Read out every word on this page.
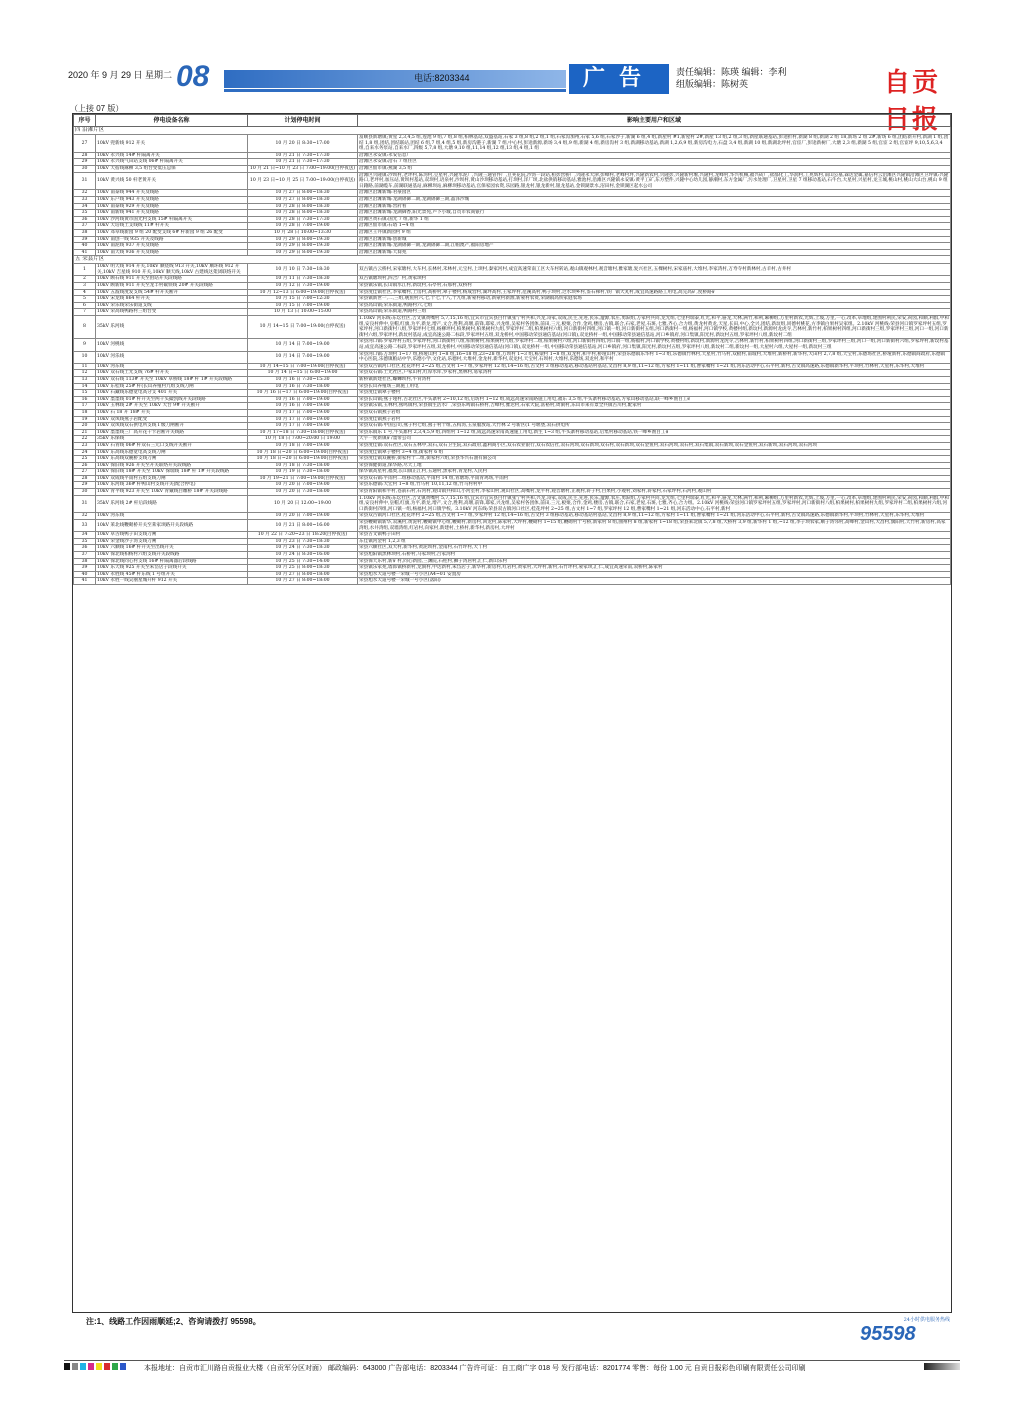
2020 年 9 月 29 日 星期二 08	电话:8203344	广告	责任编辑：陈瑛 编辑：李利
组版编辑：陈树英	自贡日报
（上接 07 版）
序号	停电设备名称	计划停电时间	影响主要用户和区域
四 沿滩片区			
27	10kV 兜新线 912 开关	10 月 20 日 8:30~17:00	富顺县新塘镇;黄星 2,3,4,5 组,莲池 9 组,7 组,8 组,柏林基站,双盛基站,石家 3 组,8 组,2 组,1 组,石家沟加州,石家 5,6 组,石家沙子,新湖 6 组,4 组,新屋村 #1,新屋村 2#,新屋 13 组,2 组,3 组,新屋联通基站,彭逵折村,新湖 8 组,新湖 2 组 18,新场 2 组 2#,新场 6 组,团结新开村,新湖 1 组,团结 1,8 组,团结,团结联站,团结 6 组,7 组,4 组,5 组,新房沟港子,新湖 7 组,中心村,彭逵新源,新场 3,4 组,9 组,新湖 4 组,新房沟村 3 组,新湖移动基站,新湖 1,2,6,9 组,新房沟电力,石盘 3,4 组,新湖 10 组,新湖北坪村,官宦厂,彭逵新树厂,大塘 2,3 组,新湖 5 组,官宦 2 组,官宦坪 9,10,5,6,3,4 组,自来水务泵站,自来水厂,四级 5,7,8 组,大塘 9,10 组,11,14 组,12 组,13 组,4 组,1 组
28	10kV 永兴线 14# 杆隔离开关	10 月 21 日 7:30~17:30	沿滩区永安镇:永安信息厂
29	10kV 永兴线气田站支线 06# 杆隔离开关	10 月 21 日 7:30~17:30	沿滩区永安镇:沿石 7 组住区
30	10kV 天宿线麻柳 3,5 组台变低压总保	10 月 21 日~10 月 23 日 7:00~19:00(白停夜送)	沿滩区仙市镇:燕湖 3,5 组
31	10kV 黄兴线 50 杆老黄开关	10 月 23 日~10 月 25 日 7:00~19:00(白停夜送)	沿滩区兴隆镇:沙坝村,老坪村,陈湾村,豆星村,兴隆水泥厂,兴隆三通管件厂,豆荚花院,沙湾一段站,桓彭营桥厂,兴隆永大津,彭峰村,老峰村坪,兴隆新农村,兴隆彭,兴隆新村堰,兴隆村,龙峰村,华兴机械,福兴砖厂,盐都化工,华润村,工兆辉村,南山公墓,森达金属,嘉信村云沿滩区兴隆镇沿滩区卫坪镇:兴隆路口,老坪村,加压站,黄坝村基站,双坝村,语泉村,沙坝村,黄山沙坝移动基站,打坝村,洋厂坝,北盐供销移动基站,雅池村,沿滩区兴隆镇永安镇:黄平工矿,东方塑件,兴隆中心幼儿园,静潮村,东方金属厂,污水处理厂,卫星村,卫星 7 组移动基站,石牛台,大星村,兴星村,龙王城,桃山村,桃山大山台,桃山 9 组日籍路,前湖缆车,前湖联通基站,麻柳坝站,麻柳坝移动基站,官保家园农资,乐园路,银龙村,银龙新村,银龙基站,金锁湖景水,沼田村,金锁湖区起水公司
32	10kV 南泰线 944 开关及线路	10 月 27 日 8:00~18:30	沿滩区沿滩新城:君豪园区
33	10kV 东户线 943 开关及线路	10 月 27 日 8:00~18:30	沿滩区沿滩新城:龙湖锦御二期,龙湖锦御三期,晶泽沙城
34	10kV 南泰线 929 开关及线路	10 月 28 日 8:00~18:30	沿滩区沿滩新城:营府看
35	10kV 南新线 941 开关及线路	10 月 28 日 8:00~18:30	沿滩区沿滩新城:龙湖御香,阳光景苑,卢卜小城,自贡市农商银行
36	10kV 沙河线黄市国光村支线 15# 杆隔离开关	10 月 28 日 7:30~17:30	沿滩区黄石镇:国光 7 组,新华 1 组
37	10kV 天培线土支线线 11# 杆开关	10 月 28 日 7:00~19:00	沿滩区仙市镇:石塔 1~4 组
38	10kV 邓草线新园 9 组 20 配变支线 6# 杆新园 9 组 26 配变	10 月 28 日 10:00~13:30	沿滩区王井镇新园村 9 组
39	10kV 南创一线 935 开关及线路	10 月 29 日 8:00~19:30	沿滩区沿滩新城:创新城
40	10kV 南泥线 937 开关及线路	10 月 29 日 8:00~19:30	沿滩区沿滩新城:龙湖锦御一期,龙湖锦御二期,江帽澳产,福阳房地产
41	10kV 南天线 936 开关及线路	10 月 29 日 8:00~19:30	沿滩区沿滩新城:天裔苑
五 荣县片区			
1	10kV 明天线 914 开关,10kV 顺绕线 913 开关,10kV 顺环线 912 开关,10kV 吉星线 910 开关,10kV 顺天线,10kV 古建线这架闭联络开关	10 月 10 日 7:30~18:30	双古镇古云桥村,宋家塘村,大车村,长林村,禾林村,元宝村,上坝村,秦家河村,成宜高速荣南工区大车村转站,观山镇观林村,观音塘村,雅家塘,复兴社区,五棵树村,宋家庙村,大堆村,李家湾村,万寿寺村新林村,古羊村,古井村
2	10kV 顾石线 911 开关至由站开关段线路	10 月 11 日 7:30~18:30	双古镇塘坝村,四合厂村,黄家坝村
3	10kV 顾新线 911 开关至龙丰村碳铁线 20# 开关段线路	10 月 12 日 7:30~19:00	荣县镇乐镇,长山镇水江村,新坟村,石亭村,石那村,双桥村
4	10kV 五波线度发支线 54# 杆开关断开	10 月 12~13 日 6:00~19:00(白停夜送)	荣县度佳镇社区,李家嘴村,上房村,高桥村,翠子楼村,杨成营村,湖坪高村,王家坪村,范溪高村,鸭子坝村,过水坝乡村,鉴石梯村,铁厂镇大丸村,成宜高速路路工用电,高完高矿,度桥路矿
5	10kV 宋龙线 864 杆开关	10 月 15 日 7:00~12:30	荣县镇新世一,二,三组,舰鱼村六,七,十七,十八,十九组,新蒙村移动,新蒙村新源,新蒙村农资,荣湖镇高铁家庭农场
6	10kV 荣乐线荣乐街道支线	10 月 15 日 7:00~19:00	荣县高山镇;荣乐街道,鸭路村六,七组
7	10kV 荣高线鸭路村三组台变	10 月 13 日 10:00~15:00	荣县高山镇;荣乐街道,鸭路村三组
8	35kV 乐河线	10 月 14~15 日 7:00~19:00(白停夜送)	1.10kV 河乐线:东坛社区,吉文镇黄嘴村 5,7,15,16 组,宜宾市宜宾县白什镇张宁村共和,兴龙,哥家,双成,民主,先进,民乐,遭源,农庄,勇跃组,万家村共同,龙光组,七里村瑞泰,红光,和平,骆龙,大林,满竹,和利,麻柳组,万里村新农,光辉,上坡,万里,一心,改革,草地组,建围村利民,荣安,荷园,和顺,利群,中和组,安良村伸中,皇帽,红旗,为平,新龙,增产,文合,胜利,高堰,前锋,耶家,兴龙组,吴家村各团体,前田,三元,板栗,合作,金鸡,楼房,古镇,联合,石家,老屋,石斑,七雅,齐心,合力组,黄龙村黄龙,天星,长田,中心,全兴,团结,新坟组,同德村桃花,方李镇白果村吴家组。2.10kV 河桃线:荣县河口镇罗家坪村五组,罗家坪村,河口新街村八组,罗家坪村七组,杨柳坪村,柏果树村,柏果树村九组,罗家坪村二组,柏果树村六组,河口新街村四组,河口镇一组,河口新街村五组,河口新街村一组,杨福村,河口镇学校,黄楼村组,新坟村,新源村龙虎寺,吉林村,新竹村,柏果树村四组,河口新街村三组,罗家坪村三组,河口一组,河口新街村六组,罗家坪村,新坟村基站,成宜高速公路二标段,罗家坪村五组,双龙桥村,中国移动荣县通信基站(河口镇),双龙桥村一组,中国移动荣县通信基站,河口乡镇府,河口集镇,阳光村,新坟村五组,罗家坪村八组,新坟村二组
9	10kV 河桃线	10 月 14 日 7:00~19:00	荣县河口镇:罗家坪村五组,罗家坪村,河口新街村八组,柏果树村,柏果树村九组,罗家坪村二组,柏果树村六组,河口新街村四组,河口镇一组,杨福村,河口镇学校,黄楼村组,新坟村,新源村龙虎寺,吉林村,新竹村,柏果树村四组,河口新街村三组,罗家坪村三组,河口一组,河口新街村六组,罗家坪村,新坟村基站,成宜高速公路二标段,罗家坪村五组,双龙桥村,中国移动荣县通信基站(河口镇),双龙桥村一组,中国移动荣县通信基站,河口乡镇府,河口集镇,阳光村,新坟村五组,罗家坪村八组,新坟村二组,新坟村一组,大屋村六组,大屋村一组,新坟村三组
10	10kV 河乐线	10 月 14 日 7:00~19:00	荣县河口镇:万坝村 1~17 组,桥垭山村 1~8 组,16~18 组,23~28 组,万坝村 1~3 组,栋梁村 1~8 组,双龙村,和平村,桥垭山村,荣县乐德镇乐华村 1~3 组,乐德镇竹林村,天星村,竹马村,双板村,南坡村,大堆村,新桥村,新华村,大田村 2,7,8 组,天宝村,乐德场社区,桥垭新村,乐德镇商政府,乐德镇中心医院,乐德镇粮站中学,乐德小学,文化站,乐德村,大堆村,金龙村,新华村,双龙村,天宝村,石坝村,大堆村,乐德场,双龙村,和平村
11	10kV 河东线	10 月 14~15 日 7:00~19:00(白停夜送)	荣县双古镇河口社区,桂花坪村 2~25 组,古文村 1~7 组,罗家坪村 12 组,14~16 组,古文村 3 组移动基站,移动基站村基站,文昌村 8,9 组,11~12 组,方家村 1~11 组,曹家嘴村 1~21 组,河东活动中心,石平村,新村,古文镇高速路,乐德镇新华村,平坝村,竹林村,天星村,乐华村,大堆村
12	10kV 双石线土光支线 76# 杆开关	10 月 14 日~15 日 6:00~19:00	荣县双石镇:土光社区,户家山村,红厚水库,罗家村,黑林村,易家湾村
13	10kV 双石线 113# 开关至 10kV 草桥线 18# 杆 1# 开关段线路	10 月 16 日 7:30~15:30	新桥镇新建社区,螺蛳坝村,牛背湾村
14	10kV 东桂线 25# 杆(长山养殖村九组支线刀闸	10 月 16 日 7:30~18:00	荣县长山养殖场三期施工用电
15	10kV 石藏线乐德宽电高分支 401 开关	10 月 16 日~17 日 6:00~19:00(白停夜送)	荣县度佳镇翠子楼村
16	10kV 墨墨线 01# 杆开关至两千头撮凯线开关段线路	10 月 16 日 7:00~19:00	荣县长山镇;燕子垭村,古北社区,牛头寨村 2~10,12 组,后坊村 1~12 组,成远高速荣南路施工用电,福东 3,5 组,牛头寨村移动基站,方家山移动基站,联一峰乡渔目工矿
17	10kV 玉林线 2# 开关至 10kV 大台 9# 开关断开	10 月 16 日 7:00~19:00	荣县镇乐镇,玉林村,燕鸣镇村,荣县镇生活水厂,荣县乐鸣镇石桥村,吉峰村,雅达村,石家大院,富裕村,周洞村,乐山市莱有景全共镇古川村,配家村
18	10kV 石 18 开 18# 开关	10 月 17 日 7:00~19:00	荣县双石镇燕子岩组
19	10kV 双凤线燕子岩配变	10 月 17 日 7:00~19:00	荣县度佳镇燕子岩村
20	10kV 双凤线双石供电所支线 I 级刀闸断开	10 月 17 日 7:00~19:00	荣县双石镇:中国公司,燕子村七组,燕子村十组,五构湾,玉泉服放站,大竹林 2 号新区(1 号堰堡,双石供电所
21	10kV 墨墨线三厂高开花千卡岩断开关线路	10 月 17~18 日 7:30~18:00(白停夜送)	荣县乐镇乐 1 号,牛头寨村 2,3,4,5,9 组,四组村 1~12 组,成远高速荣南高速施工用电,新生 1~3 组,牛头寨村移动基站,后集村移动基站,铁一峰乡渔目工矿
22	35kV 乐保线	10 月 18 日 7:00~20:00 日 19:00	天宇一度新镇矿/墨带公司
23	10kV 石青线 06# 杆双石三元口支线开关断开	10 月 18 日 7:00~19:00	荣县度佳镇:双石社区,双石五林中,双石,双石卫生院,双石政府,鑫利商小区,双石农业银行,双石农信社,双石河坝,双石新坝,双石村,双石新坝,双石金鱼村,双石河坝,双石村,双石集镇,双石新坝,双石金鱼村,双石新坝,双石河坝,双石河坝
24	10kV 东高线乐德宽电高支线刀闸	10 月 18 日~20 日 6:00~19:00(白停夜送)	荣县度佳镇翠子楼村 3~4 组,街家村 6 组
25	10kV 东高线双碗桥支线刀闸	10 月 18 日~20 日 6:00~19:00(白停夜送)	荣县度佳镇双碗桥,街家村十二组,街家村六组,荣县华兴石油有限公司
26	10kV 保旧线 926 开关至开关联络开关段线路	10 月 18 日 7:30~18:00	荣县保健街道,保华路,尽天工地
27	10kV 保旧线 18# 开关至 10kV 保瑞线 18# 杆 1# 开关段线路	10 月 19 日 7:30~18:00	保华镇高星村,福奥,长山镇正江村,五通村,黑家村,青龙村,人民村
28	10kV 双成线平雨村五组支线刀闸	10 月 19~21 日 7:00~19:00(白停夜送)	荣县双石镇:平雨村二组移动基站,平雨村 14 组,青塘场,平雨青鸡场,平雨村
29	10kV 乐河线 36# 杆鸭山村支线开关(配合停电)	10 月 20 日 7:00~19:00	荣县乐德镇:大宏村 1~8 组,竹马村 10,11,12 组,竹马村村中
30	10kV 青平线 923 开关至 10kV 青戴线白雕桥 18# 开关段线路	10 月 20 日 7:30~18:00	荣县青阳镇和平村,苍箭石村,石河村,观山镇共和山,小河室村,李家山村,观山社区,高嘴村,龙平村,观音塘村,正观村,蒋子村,白果村,小观村,刘家村,蒋家村,石家坪村,石河村,观山村
31	35kV 乐河线 2# 杆后段线路	10 月 20 日 12:00~19:00	1.10kV 河乐线:东坛社区,吉文镇黄嘴村 5,7,15,16 组,宜宾市宜宾县白什镇张宁村共和,兴龙,哥家,双成,民主,先进,民乐,遭源,农庄,勇跃组,万家村共同,龙光组,七里村瑞泰,红光,和平,骆龙,大林,满竹,和利,麻柳组,万里村新农,光辉,上坡,万里,一心,改革,草地组,建围村利民,荣安,荷园,和顺,利群,中和组,安良村伸中,皇帽,红旗,为平,新龙,增产,文合,胜利,高堰,前锋,耶家,兴龙组,吴家村各团体,前田,三元,板栗,合作,金鸡,楼房,古镇,联合,石家,老屋,石斑,七雅,齐心,合力组。2.10kV 河桃线:荣县河口镇罗家坪村五组,罗家坪村,河口新街村八组,柏果树村,柏果树村九组,罗家坪村二组,柏果树村六组,河口新街村四组,河口镇一组,杨福村,河口镇学校。3.10kV 河东线:荣县双古镇河口社区,桂花坪村 2~25 组,古文村 1~7 组,罗家坪村 12 组,曹家嘴村 1~21 组,河东活动中心,石平村,新村
32	10kV 河东线	10 月 20 日 7:00~19:00	荣县双古镇河口社区,桂花坪村 2~25 组,古文村 1~7 组,罗家坪村 12 组,14~16 组,古文村 3 组移动基站,移动基站村基站,文昌村 8,9 组,11~12 组,方家村 1~11 组,曹家嘴村 1~21 组,河东活动中心,石平村,新村,古文镇高速路,乐德镇新华村,平坝村,竹林村,天星村,乐华村,大堆村
33	10kV 莱北线鞭砌桥开关至莱家坝路开关段线路	10 月 21 日 8:00~16:00	荣县鞭砌镇新华,双溪村,黄泥村,鞭砌镇中心组,鞭砌村,新房村,回龙村,陈家村,大坪村,鞭砌村 1~15 组,鞭砌村十号桥,新家村 8 组,曲州村 8 组,新家村 1~18 组,荣县莱北镇 5,7,8 组,大桥村 3,9 组,新华村 1 组,~12 组,李子坝农家,顺子湾邻村,高峰村,金山村,大昌村,旗阳村,天竹村,新房村,高家湾组,水井湾组,双墙湾组,红岩村,向家村,新建村,土桥村,新华村,新房村,大坪村
34	10kV 草古线鸭子田支线刀闸	10 月 22 日 7:20~23 日 18:20(白停夜送)	荣县古文镇鸭子田村
35	10kV 荣金线沙子湾支线刀闸	10 月 23 日 7:30~18:30	东佳镇河金村 1,2,3 组
36	10kV 六顺线 16# 杆开关至出线开关	10 月 24 日 7:30~18:30	荣县六顺社区,双大村,新华村,黄泥坝村,金南村,石竹坪村,大丫村
37	10kV 保北线柏杨村六组支线开关段线路	10 月 24 日 8:30~16:00	荣县旭阳镇黑林坝村,石桥村,马家坝村,吕家湾村
38	10kV 保北线同心村支线 16# 杆隔离器后段线路	10 月 25 日 7:30~14:00	荣县保天乐村,新矿村,同心新园,三渊院,石柱村,狮子湾居村,汇仁,新山乐村
39	10kV 乐天线 925 开关至朱岱店子段线开关	10 月 25 日 8:00~18:30	荣县镇乐家苑,墙郎镇桥新村,龙洞村,中达新村,朱岱店子,新华村,新房村,红岩村,黄家村,大坪村,新村,石竹坪村,蒙家坝,汇仁,成宜高速荣南,双桥村,陈家村
40	10kV 永胜线 45# 杆东线 1 号组开关	10 月 27 日 8:00~18:00	荣县旭水大道号楼一荣城一号小区(A4~01 安置房
41	10kV 永胜一线吴丽星城开杆 912 开关	10 月 27 日 8:00~18:00	荣县旭水大道号楼一荣城一号小区(落阳)
注:1、线路工作因雨顺延;2、咨询请拨打 95598。	24小时供电服务热线
95598
本报地址：自贡市汇川路自贡报业大楼（自贡军分区对面） 邮政编码：643000 广告部电话：8203344 广告许可证：自工商广字 018 号 发行部电话：8201774 零售：每份 1.00 元 自贡日报彩色印刷有限责任公司印刷
